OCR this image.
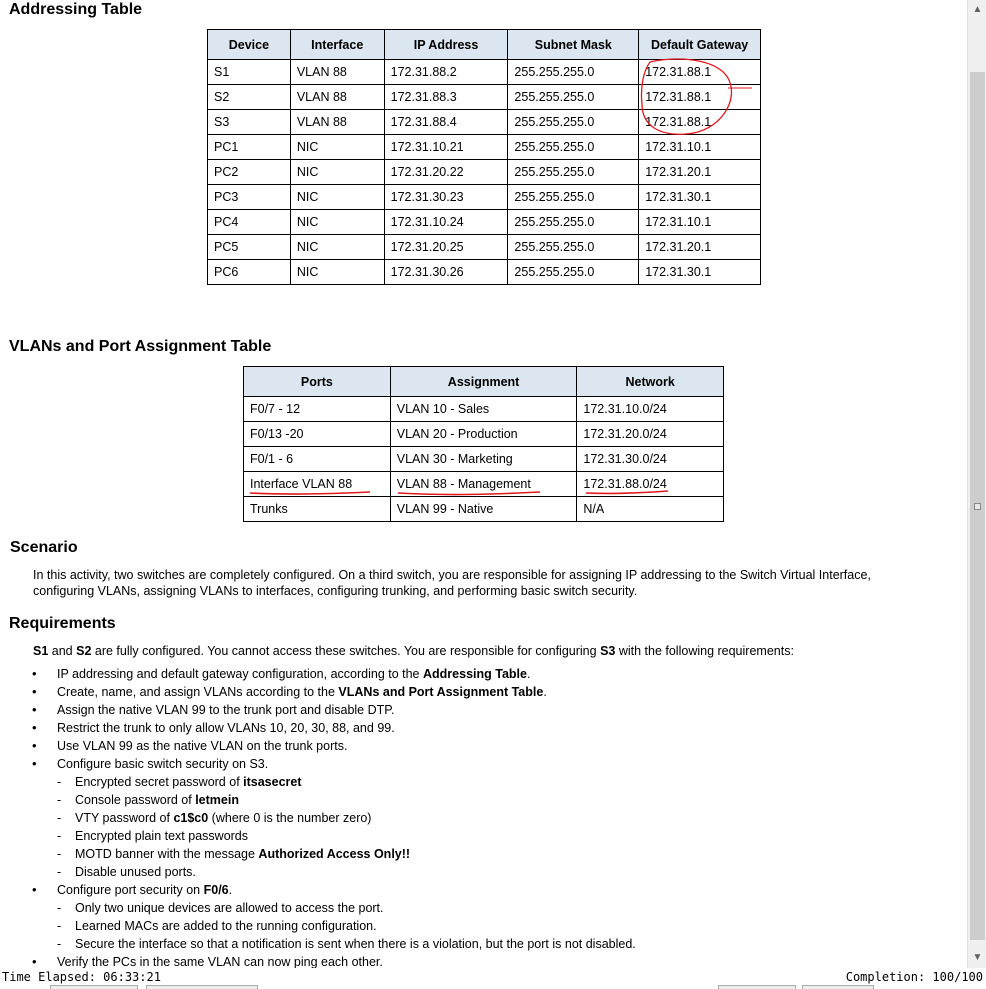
Addressing Table
Device	Interface	IP Address	Subnet Mask	Default Gateway
S1	VLAN 88	172.31.88.2	255.255.255.0	172.31.88.1
S2	VLAN 88	172.31.88.3	255.255.255.0	172.31.88.1
S3	VLAN 88	172.31.88.4	255.255.255.0	172.31.88.1
PC1	NIC	172.31.10.21	255.255.255.0	172.31.10.1
PC2	NIC	172.31.20.22	255.255.255.0	172.31.20.1
PC3	NIC	172.31.30.23	255.255.255.0	172.31.30.1
PC4	NIC	172.31.10.24	255.255.255.0	172.31.10.1
PC5	NIC	172.31.20.25	255.255.255.0	172.31.20.1
PC6	NIC	172.31.30.26	255.255.255.0	172.31.30.1
VLANs and Port Assignment Table
Ports	Assignment	Network
F0/7 - 12	VLAN 10 - Sales	172.31.10.0/24
F0/13 -20	VLAN 20 - Production	172.31.20.0/24
F0/1 - 6	VLAN 30 - Marketing	172.31.30.0/24
Interface VLAN 88	VLAN 88 - Management	172.31.88.0/24
Trunks	VLAN 99 - Native	N/A
Scenario

In this activity, two switches are completely configured. On a third switch, you are responsible for assigning IP addressing to the Switch Virtual Interface,

configuring VLANs, assigning VLANs to interfaces, configuring trunking, and performing basic switch security.

Requirements

S1 and S2 are fully configured. You cannot access these switches. You are responsible for configuring S3 with the following requirements:

• IP addressing and default gateway configuration, according to the Addressing Table.
• Create, name, and assign VLANs according to the VLANs and Port Assignment Table.
• Assign the native VLAN 99 to the trunk port and disable DTP.
• Restrict the trunk to only allow VLANs 10, 20, 30, 88, and 99.
• Use VLAN 99 as the native VLAN on the trunk ports.
• Configure basic switch security on S3.
- Encrypted secret password of itsasecret
- Console password of letmein
- VTY password of c1$c0 (where 0 is the number zero)
- Encrypted plain text passwords
- MOTD banner with the message Authorized Access Only!!
- Disable unused ports.
• Configure port security on F0/6.
- Only two unique devices are allowed to access the port.
- Learned MACs are added to the running configuration.
- Secure the interface so that a notification is sent when there is a violation, but the port is not disabled.
• Verify the PCs in the same VLAN can now ping each other.
▲
▼
Time Elapsed: 06:33:21	Completion: 100/100
